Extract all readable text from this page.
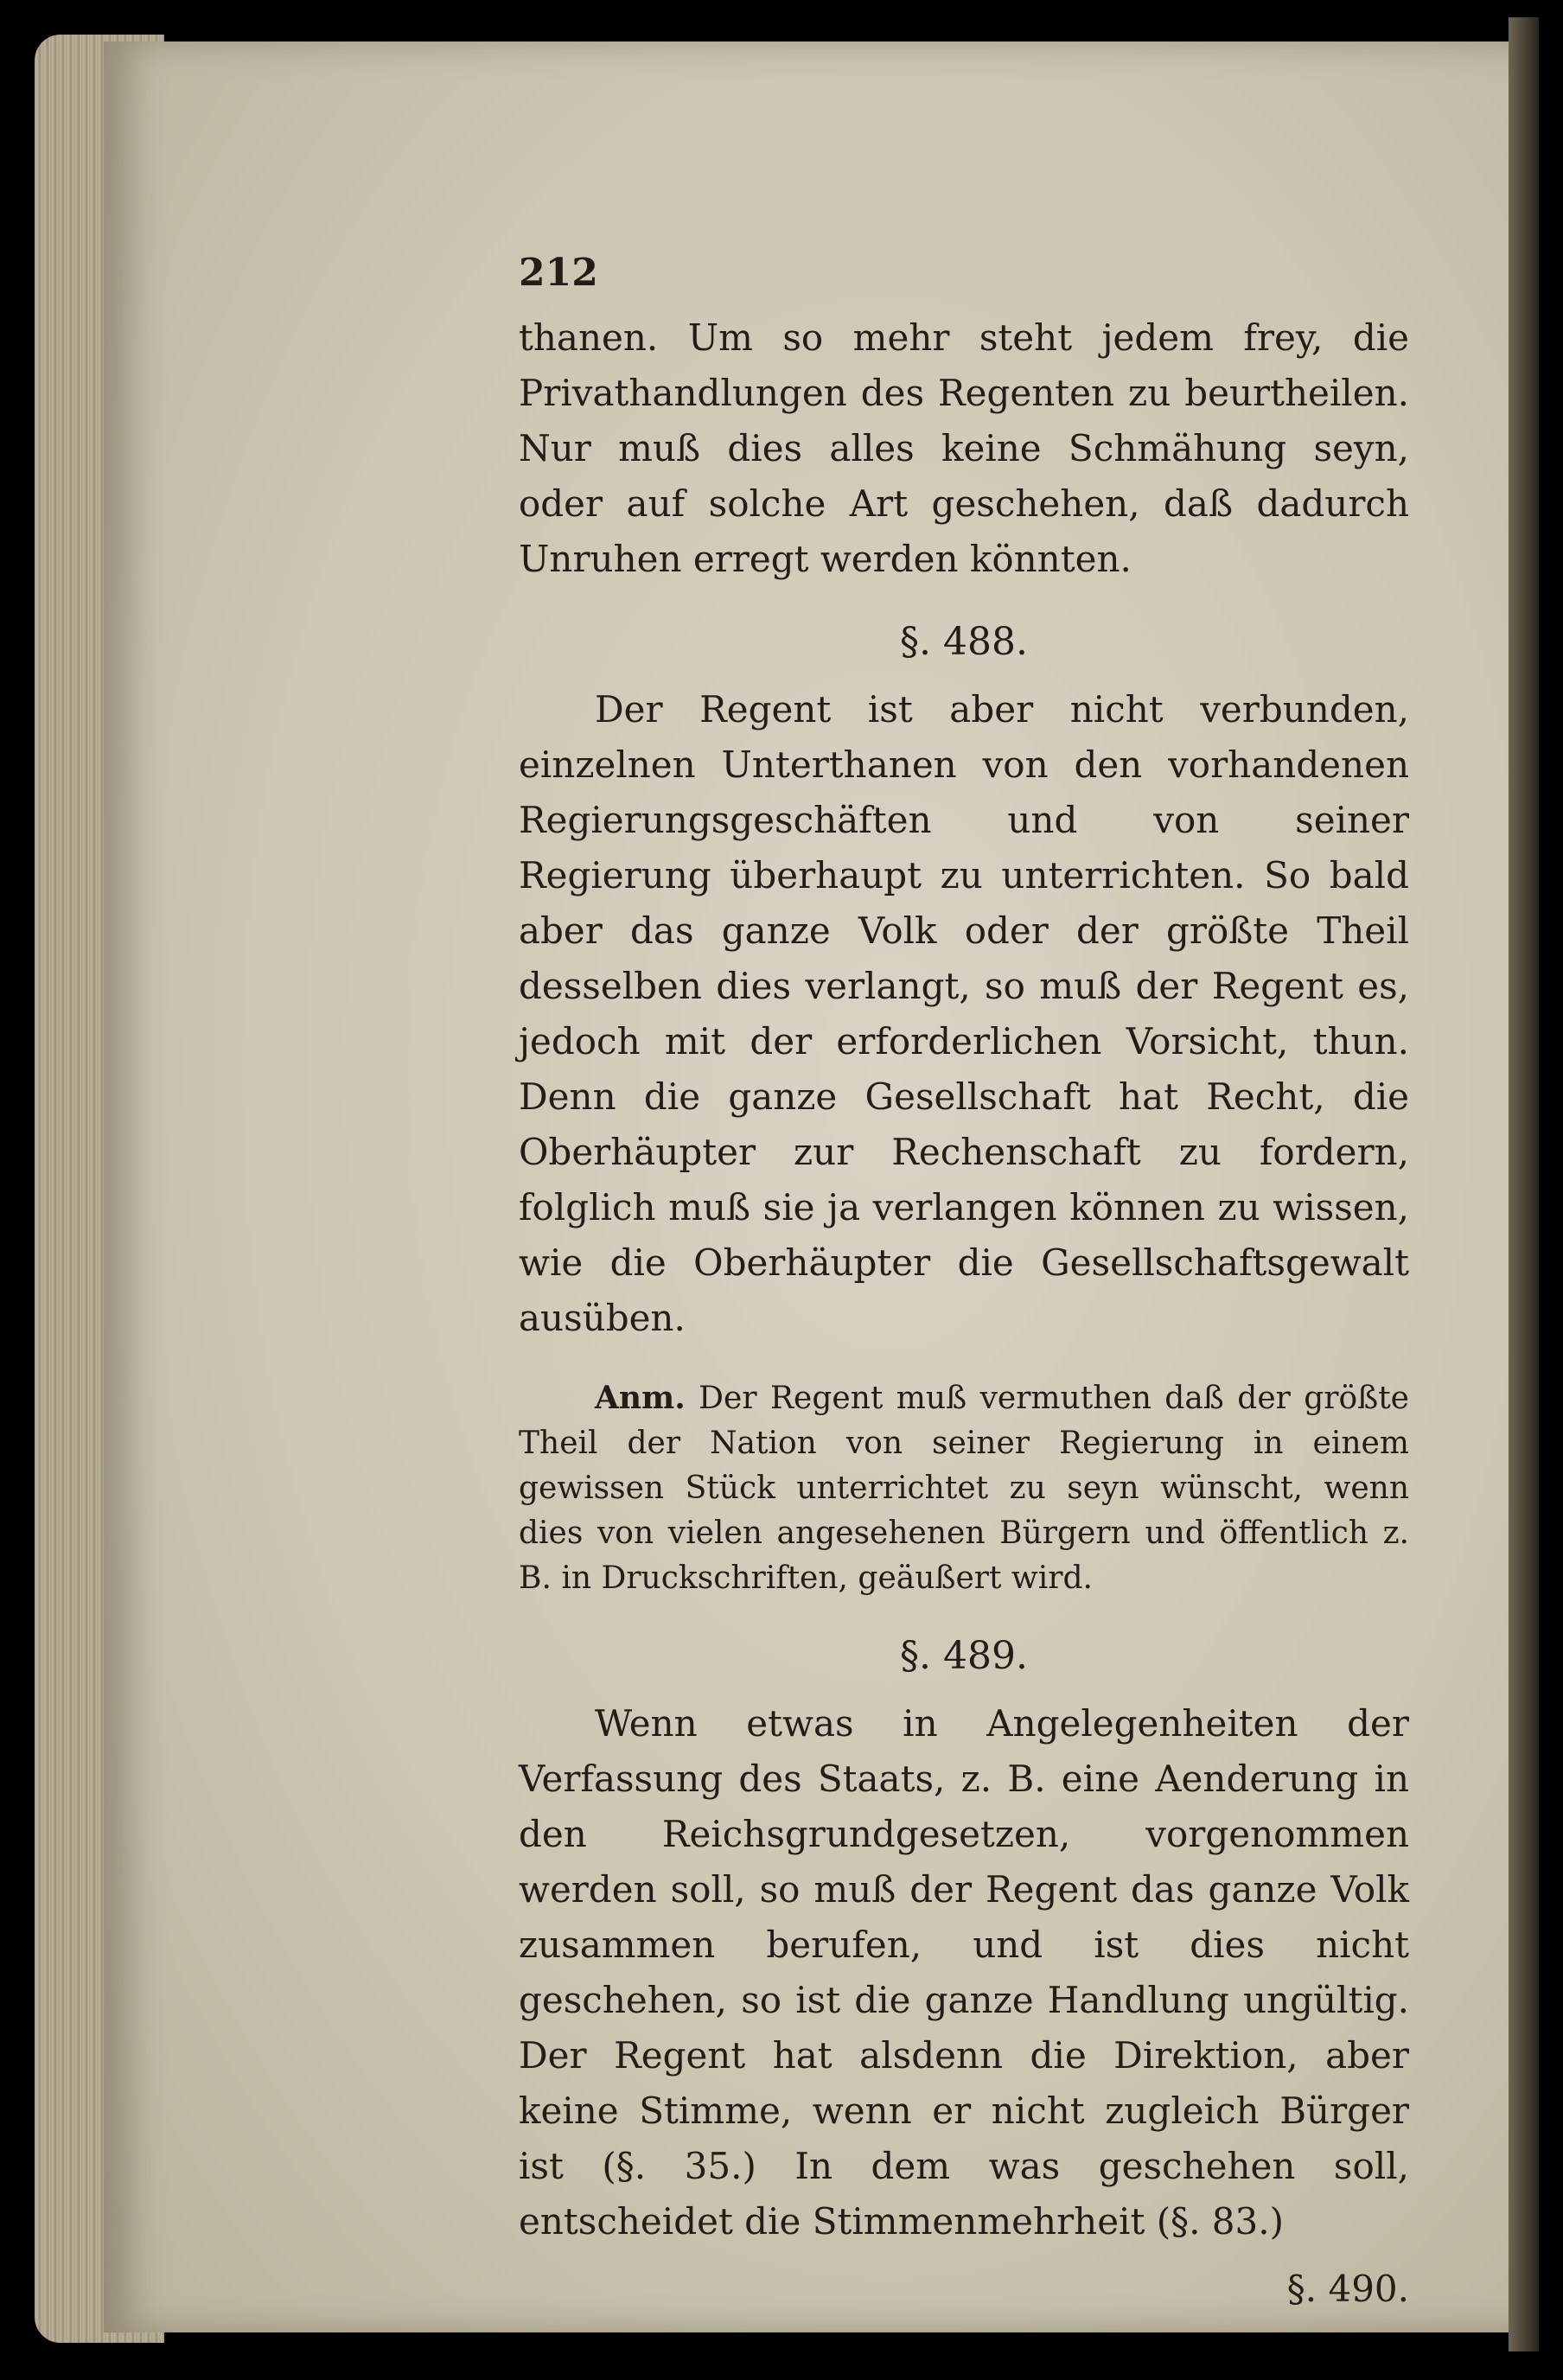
212

thanen. Um so mehr steht jedem frey, die Privathandlungen des Regenten zu beurtheilen. Nur muß dies alles keine Schmähung seyn, oder auf solche Art geschehen, daß dadurch Unruhen erregt werden könnten.

§. 488.

Der Regent ist aber nicht verbunden, einzelnen Unterthanen von den vorhandenen Regierungsgeschäften und von seiner Regierung überhaupt zu unterrichten. So bald aber das ganze Volk oder der größte Theil desselben dies verlangt, so muß der Regent es, jedoch mit der erforderlichen Vorsicht, thun. Denn die ganze Gesellschaft hat Recht, die Oberhäupter zur Rechenschaft zu fordern, folglich muß sie ja verlangen können zu wissen, wie die Oberhäupter die Gesellschaftsgewalt ausüben.

Anm. Der Regent muß vermuthen daß der größte Theil der Nation von seiner Regierung in einem gewissen Stück unterrichtet zu seyn wünscht, wenn dies von vielen angesehenen Bürgern und öffentlich z. B. in Druckschriften, geäußert wird.

§. 489.

Wenn etwas in Angelegenheiten der Verfassung des Staats, z. B. eine Aenderung in den Reichsgrundgesetzen, vorgenommen werden soll, so muß der Regent das ganze Volk zusammen berufen, und ist dies nicht geschehen, so ist die ganze Handlung ungültig. Der Regent hat alsdenn die Direktion, aber keine Stimme, wenn er nicht zugleich Bürger ist (§. 35.) In dem was geschehen soll, entscheidet die Stimmenmehrheit (§. 83.)

§. 490.
